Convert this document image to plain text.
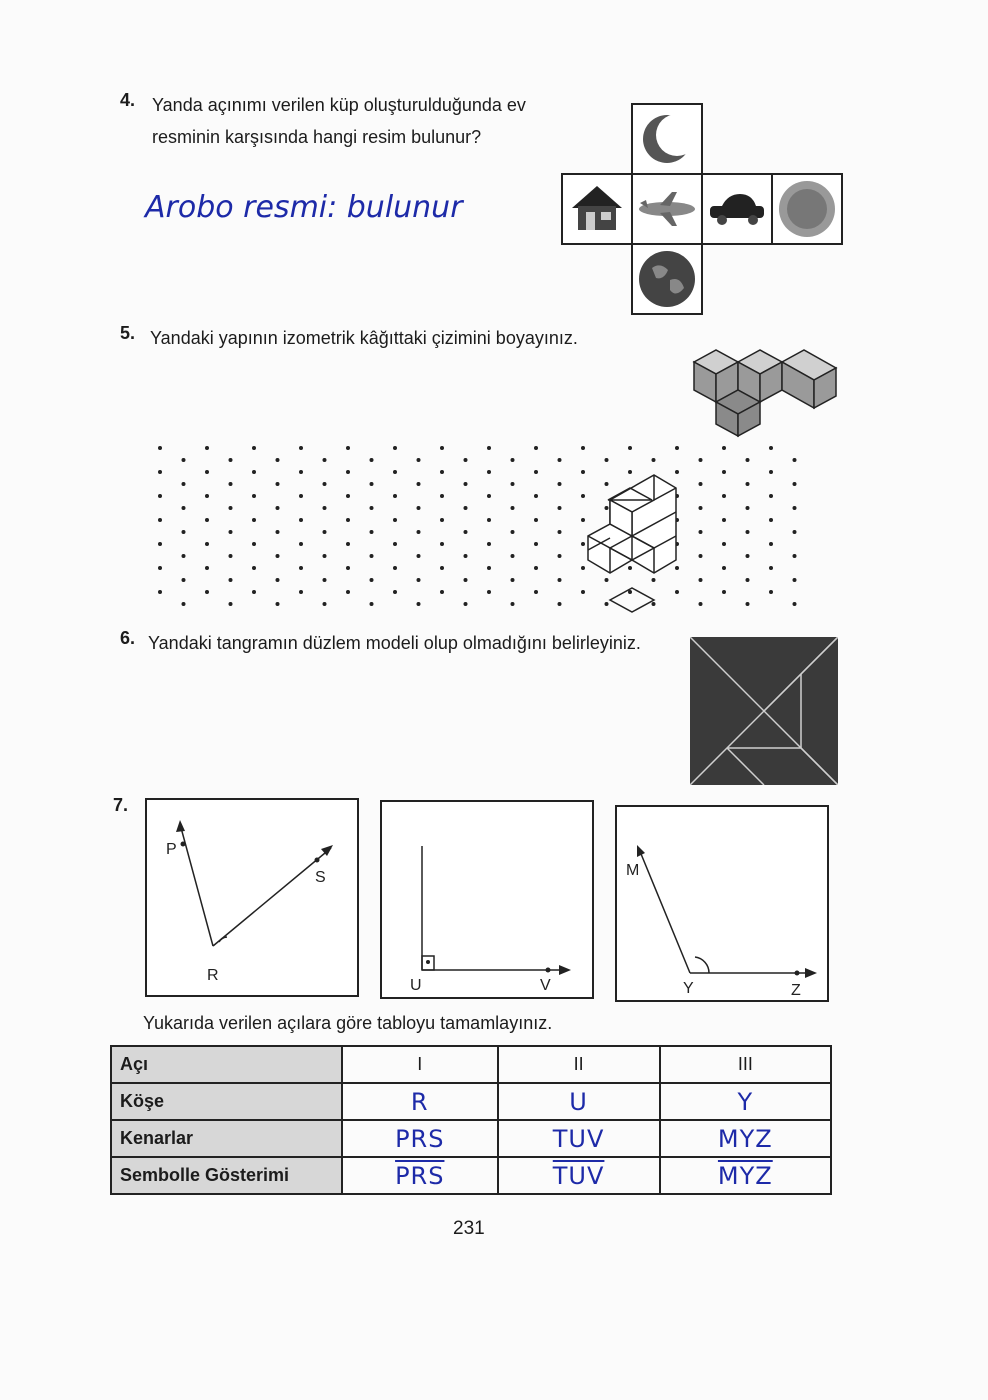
4. Yanda açınımı verilen küp oluşturulduğunda ev
resminin karşısında hangi resim bulunur?
Arobo resmi: bulunur
5. Yandaki yapının izometrik kâğıttaki çizimini boyayınız.
6. Yandaki tangramın düzlem modeli olup olmadığını belirleyiniz.
7.
P
S
R
U	V
M
Y	Z
Yukarıda verilen açılara göre tabloyu tamamlayınız.
Açı	I	II	III
Köşe	R	U	Y
Kenarlar	PRS	TUV	MYZ
Sembolle Gösterimi	$\overline{PRS}$	$\overline{TUV}$	$\overline{MYZ}$
231
